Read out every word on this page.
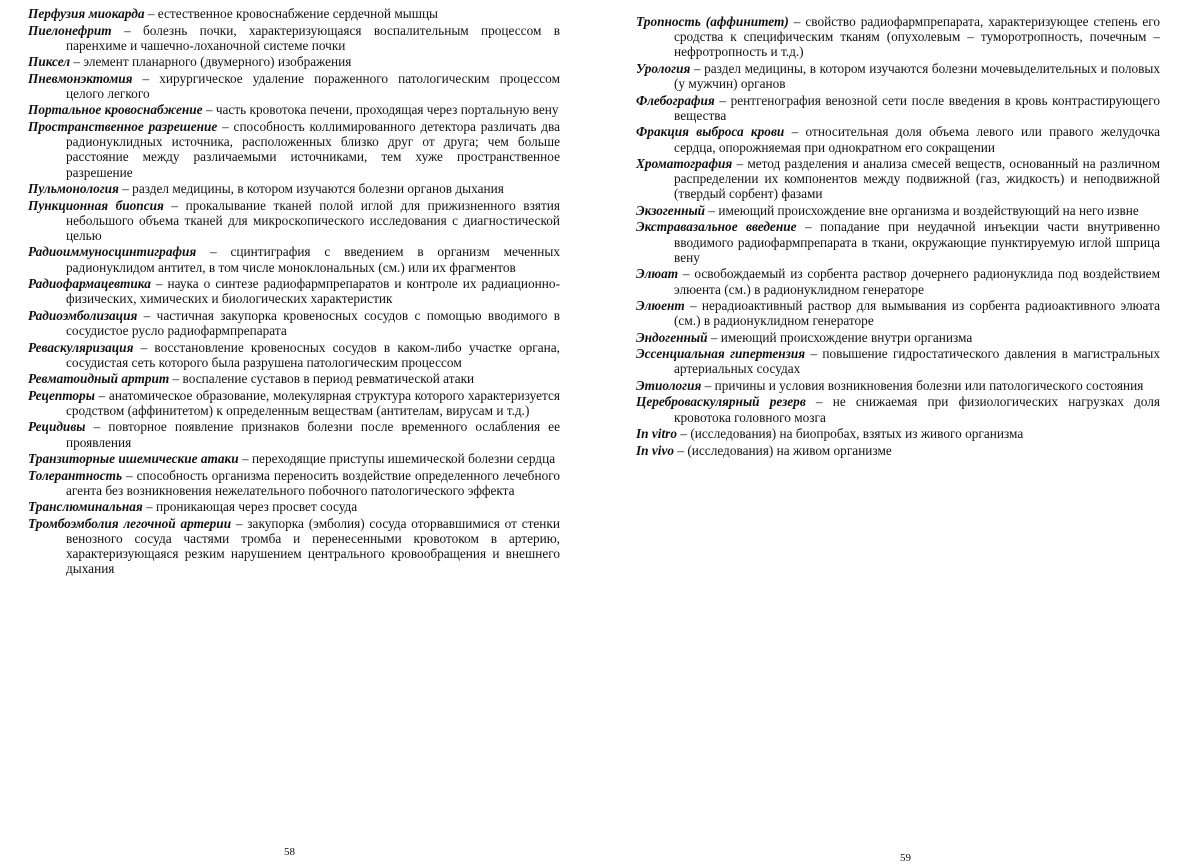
Перфузия миокарда – естественное кровоснабжение сердечной мышцы
Пиелонефрит – болезнь почки, характеризующаяся воспалительным процессом в паренхиме и чашечно-лоханочной системе почки
Пиксел – элемент планарного (двумерного) изображения
Пневмонэктомия – хирургическое удаление пораженного патологическим процессом целого легкого
Портальное кровоснабжение – часть кровотока печени, проходящая через портальную вену
Пространственное разрешение – способность коллимированного детектора различать два радионуклидных источника, расположенных близко друг от друга; чем больше расстояние между различаемыми источниками, тем хуже пространственное разрешение
Пульмонология – раздел медицины, в котором изучаются болезни органов дыхания
Пункционная биопсия – прокалывание тканей полой иглой для прижизненного взятия небольшого объема тканей для микроскопического исследования с диагностической целью
Радиоиммуносцинтиграфия – сцинтиграфия с введением в организм меченных радионуклидом антител, в том числе моноклональных (см.) или их фрагментов
Радиофармацевтика – наука о синтезе радиофармпрепаратов и контроле их радиационно-физических, химических и биологических характеристик
Радиоэмболизация – частичная закупорка кровеносных сосудов с помощью вводимого в сосудистое русло радиофармпрепарата
Реваскуляризация – восстановление кровеносных сосудов в каком-либо участке органа, сосудистая сеть которого была разрушена патологическим процессом
Ревматоидный артрит – воспаление суставов в период ревматической атаки
Рецепторы – анатомическое образование, молекулярная структура которого характеризуется сродством (аффинитетом) к определенным веществам (антителам, вирусам и т.д.)
Рецидивы – повторное появление признаков болезни после временного ослабления ее проявления
Транзиторные ишемические атаки – переходящие приступы ишемической болезни сердца
Толерантность – способность организма переносить воздействие определенного лечебного агента без возникновения нежелательного побочного патологического эффекта
Транслюминальная – проникающая через просвет сосуда
Тромбоэмболия легочной артерии – закупорка (эмболия) сосуда оторвавшимися от стенки венозного сосуда частями тромба и перенесенными кровотоком в артерию, характеризующаяся резким нарушением центрального кровообращения и внешнего дыхания
58
Тропность (аффинитет) – свойство радиофармпрепарата, характеризующее степень его сродства к специфическим тканям (опухолевым – туморотропность, почечным – нефротропность и т.д.)
Урология – раздел медицины, в котором изучаются болезни мочевыделительных и половых (у мужчин) органов
Флебография – рентгенография венозной сети после введения в кровь контрастирующего вещества
Фракция выброса крови – относительная доля объема левого или правого желудочка сердца, опорожняемая при однократном его сокращении
Хроматография – метод разделения и анализа смесей веществ, основанный на различном распределении их компонентов между подвижной (газ, жидкость) и неподвижной (твердый сорбент) фазами
Экзогенный – имеющий происхождение вне организма и воздействующий на него извне
Экстравазальное введение – попадание при неудачной инъекции части внутривенно вводимого радиофармпрепарата в ткани, окружающие пунктируемую иглой шприца вену
Элюат – освобождаемый из сорбента раствор дочернего радионуклида под воздействием элюента (см.) в радионуклидном генераторе
Элюент – нерадиоактивный раствор для вымывания из сорбента радиоактивного элюата (см.) в радионуклидном генераторе
Эндогенный – имеющий происхождение внутри организма
Эссенциальная гипертензия – повышение гидростатического давления в магистральных артериальных сосудах
Этиология – причины и условия возникновения болезни или патологического состояния
Цереброваскулярный резерв – не снижаемая при физиологических нагрузках доля кровотока головного мозга
In vitro – (исследования) на биопробах, взятых из живого организма
In vivo – (исследования) на живом организме
59
